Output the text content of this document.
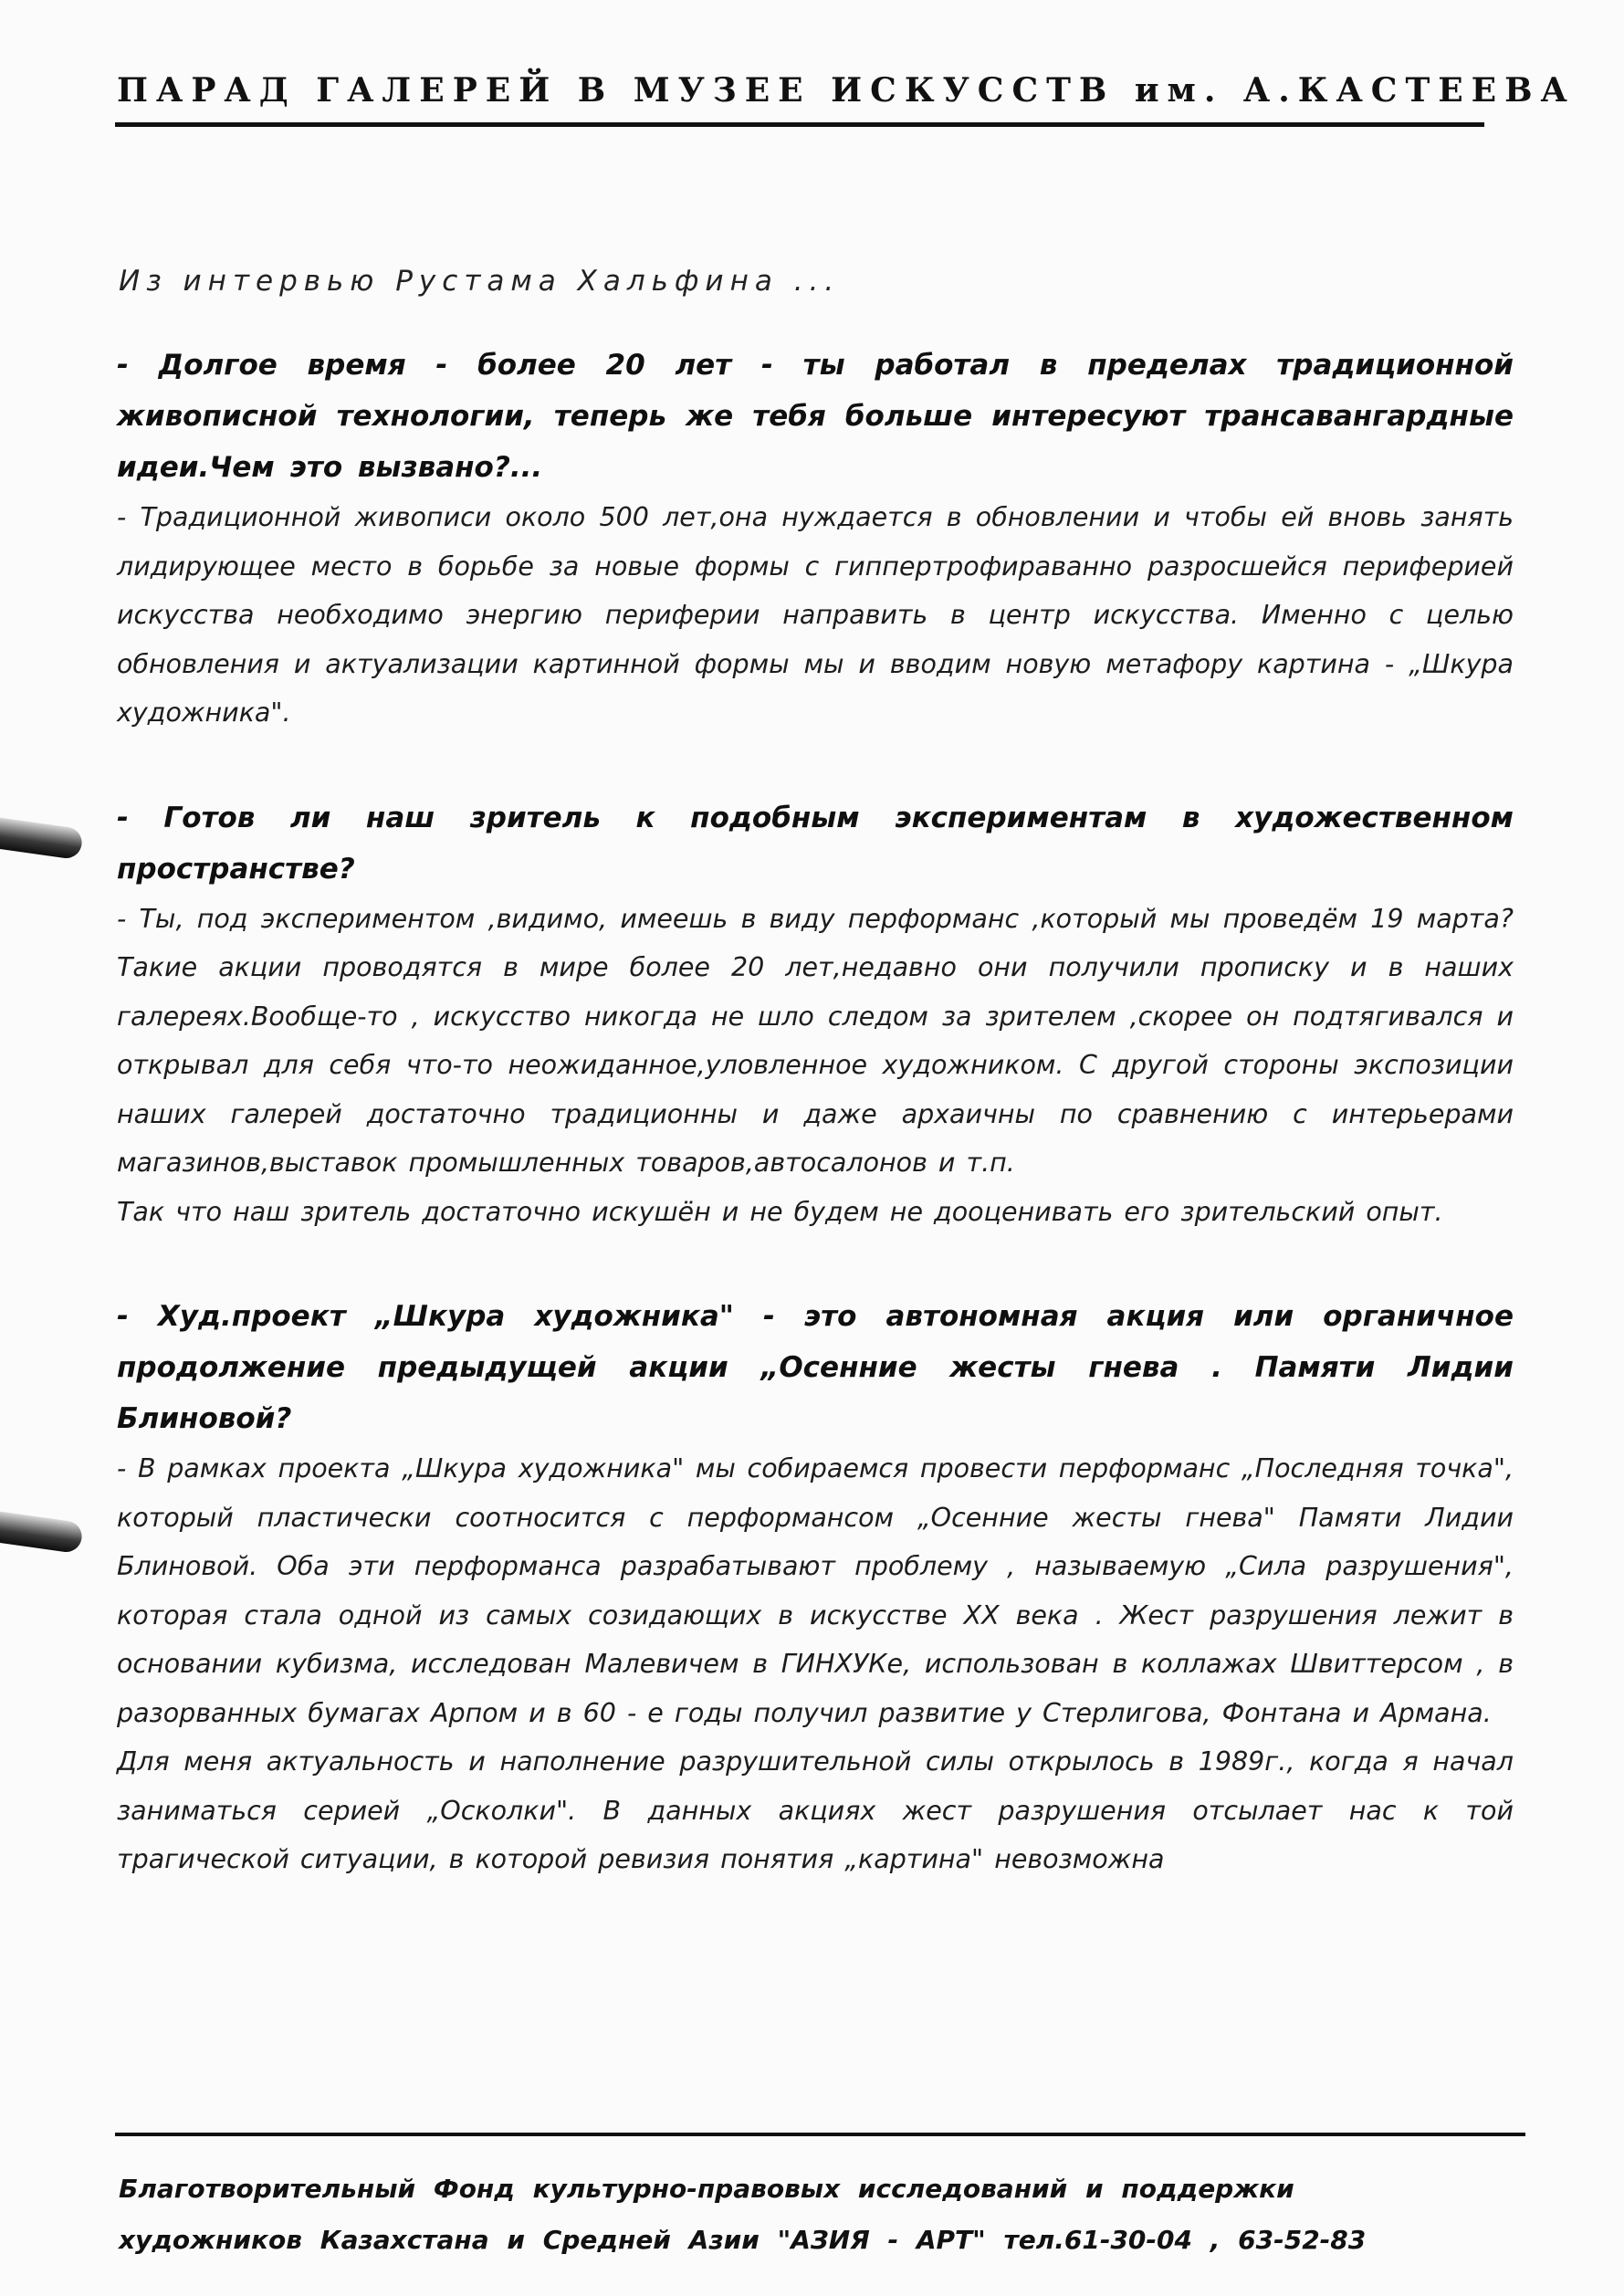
ПАРАД ГАЛЕРЕЙ В МУЗЕЕ ИСКУССТВ им. А.КАСТЕЕВА
Из интервью Рустама Хальфина ...

- Долгое время - более 20 лет - ты работал в пределах традиционной живописной технологии, теперь же тебя больше интересуют трансавангардные идеи.Чем это вызвано?...

- Традиционной живописи около 500 лет,она нуждается в обновлении и чтобы ей вновь занять лидирующее место в борьбе за новые формы с гиппертрофираванно разросшейся периферией искусства необходимо энергию периферии направить в центр искусства. Именно с целью обновления и актуализации картинной формы мы и вводим новую метафору картина - „Шкура художника".

- Готов ли наш зритель к подобным экспериментам в художественном пространстве?

- Ты, под экспериментом ,видимо, имеешь в виду перформанс ,который мы проведём 19 марта? Такие акции проводятся в мире более 20 лет,недавно они получили прописку и в наших галереях.Вообще-то , искусство никогда не шло следом за зрителем ,скорее он подтягивался и открывал для себя что-то неожиданное,уловленное художником. С другой стороны экспозиции наших галерей достаточно традиционны и даже архаичны по сравнению с интерьерами магазинов,выставок промышленных товаров,автосалонов и т.п.

Так что наш зритель достаточно искушён и не будем не дооценивать его зрительский опыт.

- Худ.проект „Шкура художника" - это автономная акция или органичное продолжение предыдущей акции „Осенние жесты гнева . Памяти Лидии Блиновой?

- В рамках проекта „Шкура художника" мы собираемся провести перформанс „Последняя точка", который пластически соотносится с перформансом „Осенние жесты гнева" Памяти Лидии Блиновой. Оба эти перформанса разрабатывают проблему , называемую „Сила разрушения", которая стала одной из самых созидающих в искусстве XX века . Жест разрушения лежит в основании кубизма, исследован Малевичем в ГИНХУКе, использован в коллажах Швиттерсом , в разорванных бумагах Арпом и в 60 - е годы получил развитие у Стерлигова, Фонтана и Армана.

Для меня актуальность и наполнение разрушительной силы открылось в 1989г., когда я начал заниматься серией „Осколки". В данных акциях жест разрушения отсылает нас к той трагической ситуации, в которой ревизия понятия „картина" невозможна

Благотворительный Фонд культурно-правовых исследований и поддержки
художников Казахстана и Средней Азии "АЗИЯ - АРТ" тел.61-30-04 , 63-52-83
